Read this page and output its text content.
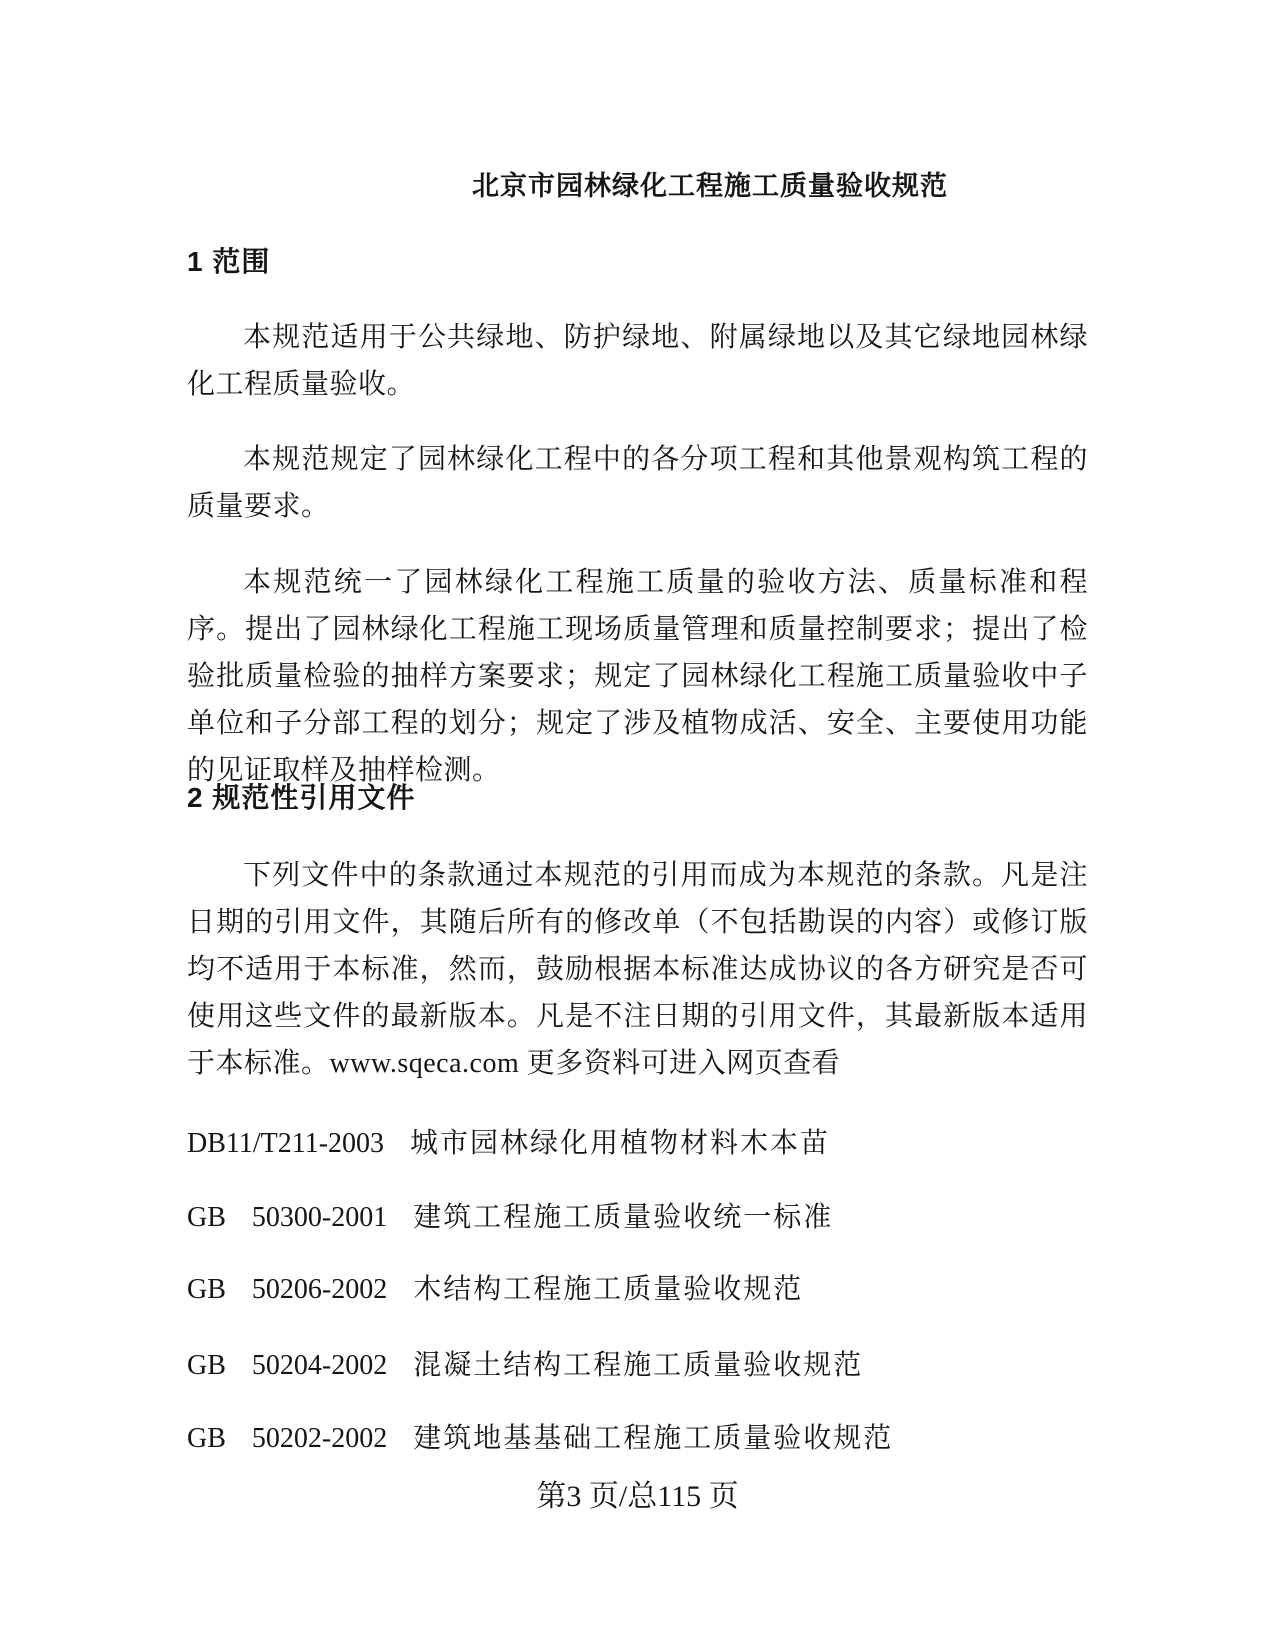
北京市园林绿化工程施工质量验收规范
1 范围
本规范适用于公共绿地、防护绿地、附属绿地以及其它绿地园林绿化工程质量验收。
本规范规定了园林绿化工程中的各分项工程和其他景观构筑工程的质量要求。
本规范统一了园林绿化工程施工质量的验收方法、质量标准和程序。提出了园林绿化工程施工现场质量管理和质量控制要求；提出了检验批质量检验的抽样方案要求；规定了园林绿化工程施工质量验收中子单位和子分部工程的划分；规定了涉及植物成活、安全、主要使用功能的见证取样及抽样检测。
2 规范性引用文件
下列文件中的条款通过本规范的引用而成为本规范的条款。凡是注日期的引用文件，其随后所有的修改单（不包括勘误的内容）或修订版均不适用于本标准，然而，鼓励根据本标准达成协议的各方研究是否可使用这些文件的最新版本。凡是不注日期的引用文件，其最新版本适用于本标准。www.sqeca.com 更多资料可进入网页查看
DB11/T211-2003 城市园林绿化用植物材料木本苗
GB 50300-2001 建筑工程施工质量验收统一标准
GB 50206-2002 木结构工程施工质量验收规范
GB 50204-2002 混凝土结构工程施工质量验收规范
GB 50202-2002 建筑地基基础工程施工质量验收规范
第3 页/总115 页
